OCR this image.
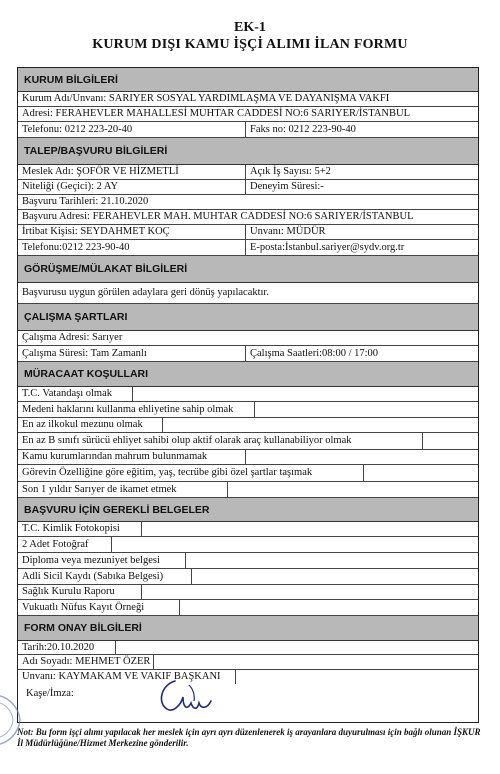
EK-1
KURUM DIŞI KAMU İŞÇİ ALIMI İLAN FORMU
KURUM BİLGİLERİ
Kurum Adı/Unvanı: SARIYER SOSYAL YARDIMLAŞMA VE DAYANIŞMA VAKFI
Adresi: FERAHEVLER MAHALLESİ MUHTAR CADDESİ NO:6 SARIYER/İSTANBUL
Telefonu: 0212 223-20-40	Faks no: 0212 223-90-40
TALEP/BAŞVURU BİLGİLERİ
Meslek Adı: ŞOFÖR VE HİZMETLİ	Açık İş Sayısı: 5+2
Niteliği (Geçici): 2 AY	Deneyim Süresi:-
Başvuru Tarihleri: 21.10.2020
Başvuru Adresi: FERAHEVLER MAH. MUHTAR CADDESİ NO:6 SARIYER/İSTANBUL
İrtibat Kişisi: SEYDAHMET KOÇ	Unvanı: MÜDÜR
Telefonu:0212 223-90-40	E-posta:İstanbul.sariyer@sydv.org.tr
GÖRÜŞME/MÜLAKAT BİLGİLERİ
Başvurusu uygun görülen adaylara geri dönüş yapılacaktır.
ÇALIŞMA ŞARTLARI
Çalışma Adresi: Sarıyer
Çalışma Süresi: Tam Zamanlı	Çalışma Saatleri:08:00 / 17:00
MÜRACAAT KOŞULLARI
T.C. Vatandaşı olmak
Medeni haklarını kullanma ehliyetine sahip olmak
En az ilkokul mezunu olmak
En az B sınıfı sürücü ehliyet sahibi olup aktif olarak araç kullanabiliyor olmak
Kamu kurumlarından mahrum bulunmamak
Görevin Özelliğine göre eğitim, yaş, tecrübe gibi özel şartlar taşımak
Son 1 yıldır Sarıyer de ikamet etmek
BAŞVURU İÇİN GEREKLİ BELGELER
T.C. Kimlik Fotokopisi
2 Adet Fotoğraf
Diploma veya mezuniyet belgesi
Adli Sicil Kaydı (Sabıka Belgesi)
Sağlık Kurulu Raporu
Vukuatlı Nüfus Kayıt Örneği
FORM ONAY BİLGİLERİ
Tarih:20.10.2020
Adı Soyadı: MEHMET ÖZER
Unvanı: KAYMAKAM VE VAKIF BAŞKANI
Kaşe/İmza:
Not: Bu form işçi alımı yapılacak her meslek için ayrı ayrı düzenlenerek iş arayanlara duyurulması için bağlı olunan İŞKUR İl Müdürlüğüne/Hizmet Merkezine gönderilir.
